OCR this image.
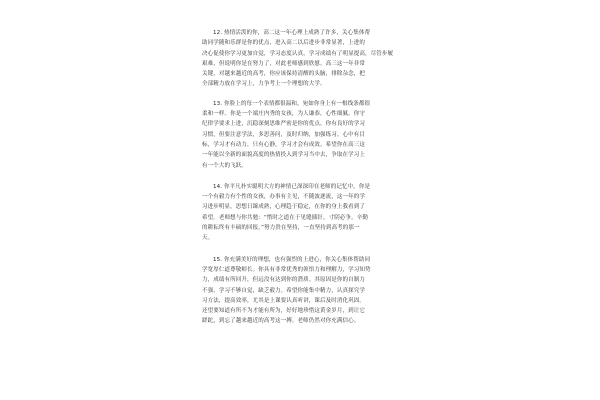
12. 热情活泼的你，高二这一年心理上成熟了许多，关心集体帮
助同学随和乐群是你的优点，进入高二以后进步非常显著，上进的
决心促使你学习更加自觉，学习态度认真，学习成绩有了明显提高，尽管步履
艰难，但说明你是在努力了，对此老师感到欣慰。高三这一年非常
关键，对越来越近的高考，你应该保持清醒的头脑，排除杂念，把
全部精力放在学习上，力争考上一个理想的大学。
13. 你脸上的每一个表情都很温和，宛如你身上有一根线条都很
柔和一样。你是一个端庄内秀的女孩，为人谦恭，心性细腻。你守
纪律学要求上进，沉稳深刻思维严密是你的优点。你有良好的学习
习惯，但要注意学法，多思善问，及时归纳，加强练习。心中有目
标，学习才有动力，只有心静，学习才会有成效。希望你在高三这
一年能以全新的面貌高度的热情投入到学习当中去，争取在学习上
有一个大的飞跃。
14. 你平凡朴实聪明大方的神情已深深印在老师的记忆中。你是
一个有毅力有个性的女孩，办事有主见，不随波逐流，这一年的学
习进步明显，思想日臻成熟，心理趋于稳定，在你的身上我看到了
希望。老师想与你共勉：“惜时之道在于见缝插针，寸阴必争，辛勤
的耕耘终有丰硕的回报。”努力贵在坚持，一直坚持到高考的那一
天。
15. 你充满美好的理想，也有强烈的上进心，你关心集体帮助同
学宽厚仁道尊敬师长。你具有非常优秀的领悟力和理解力，学习知势
力，成绩有所回升，但远没有达到你的潜质。其原因是你的自制力
不强，学习不够自觉，缺乏毅力。希望你能集中精力，认真探究学
习方法，提高效率，尤其是上课要认真听讲，课后及时消化巩固。
还望要知道有所不为才能有所为，好好地珍惜这黄金岁月，到让它
蹉跎，到忘了越来越近的高考这一搏。老师仍然对你充满信心。
